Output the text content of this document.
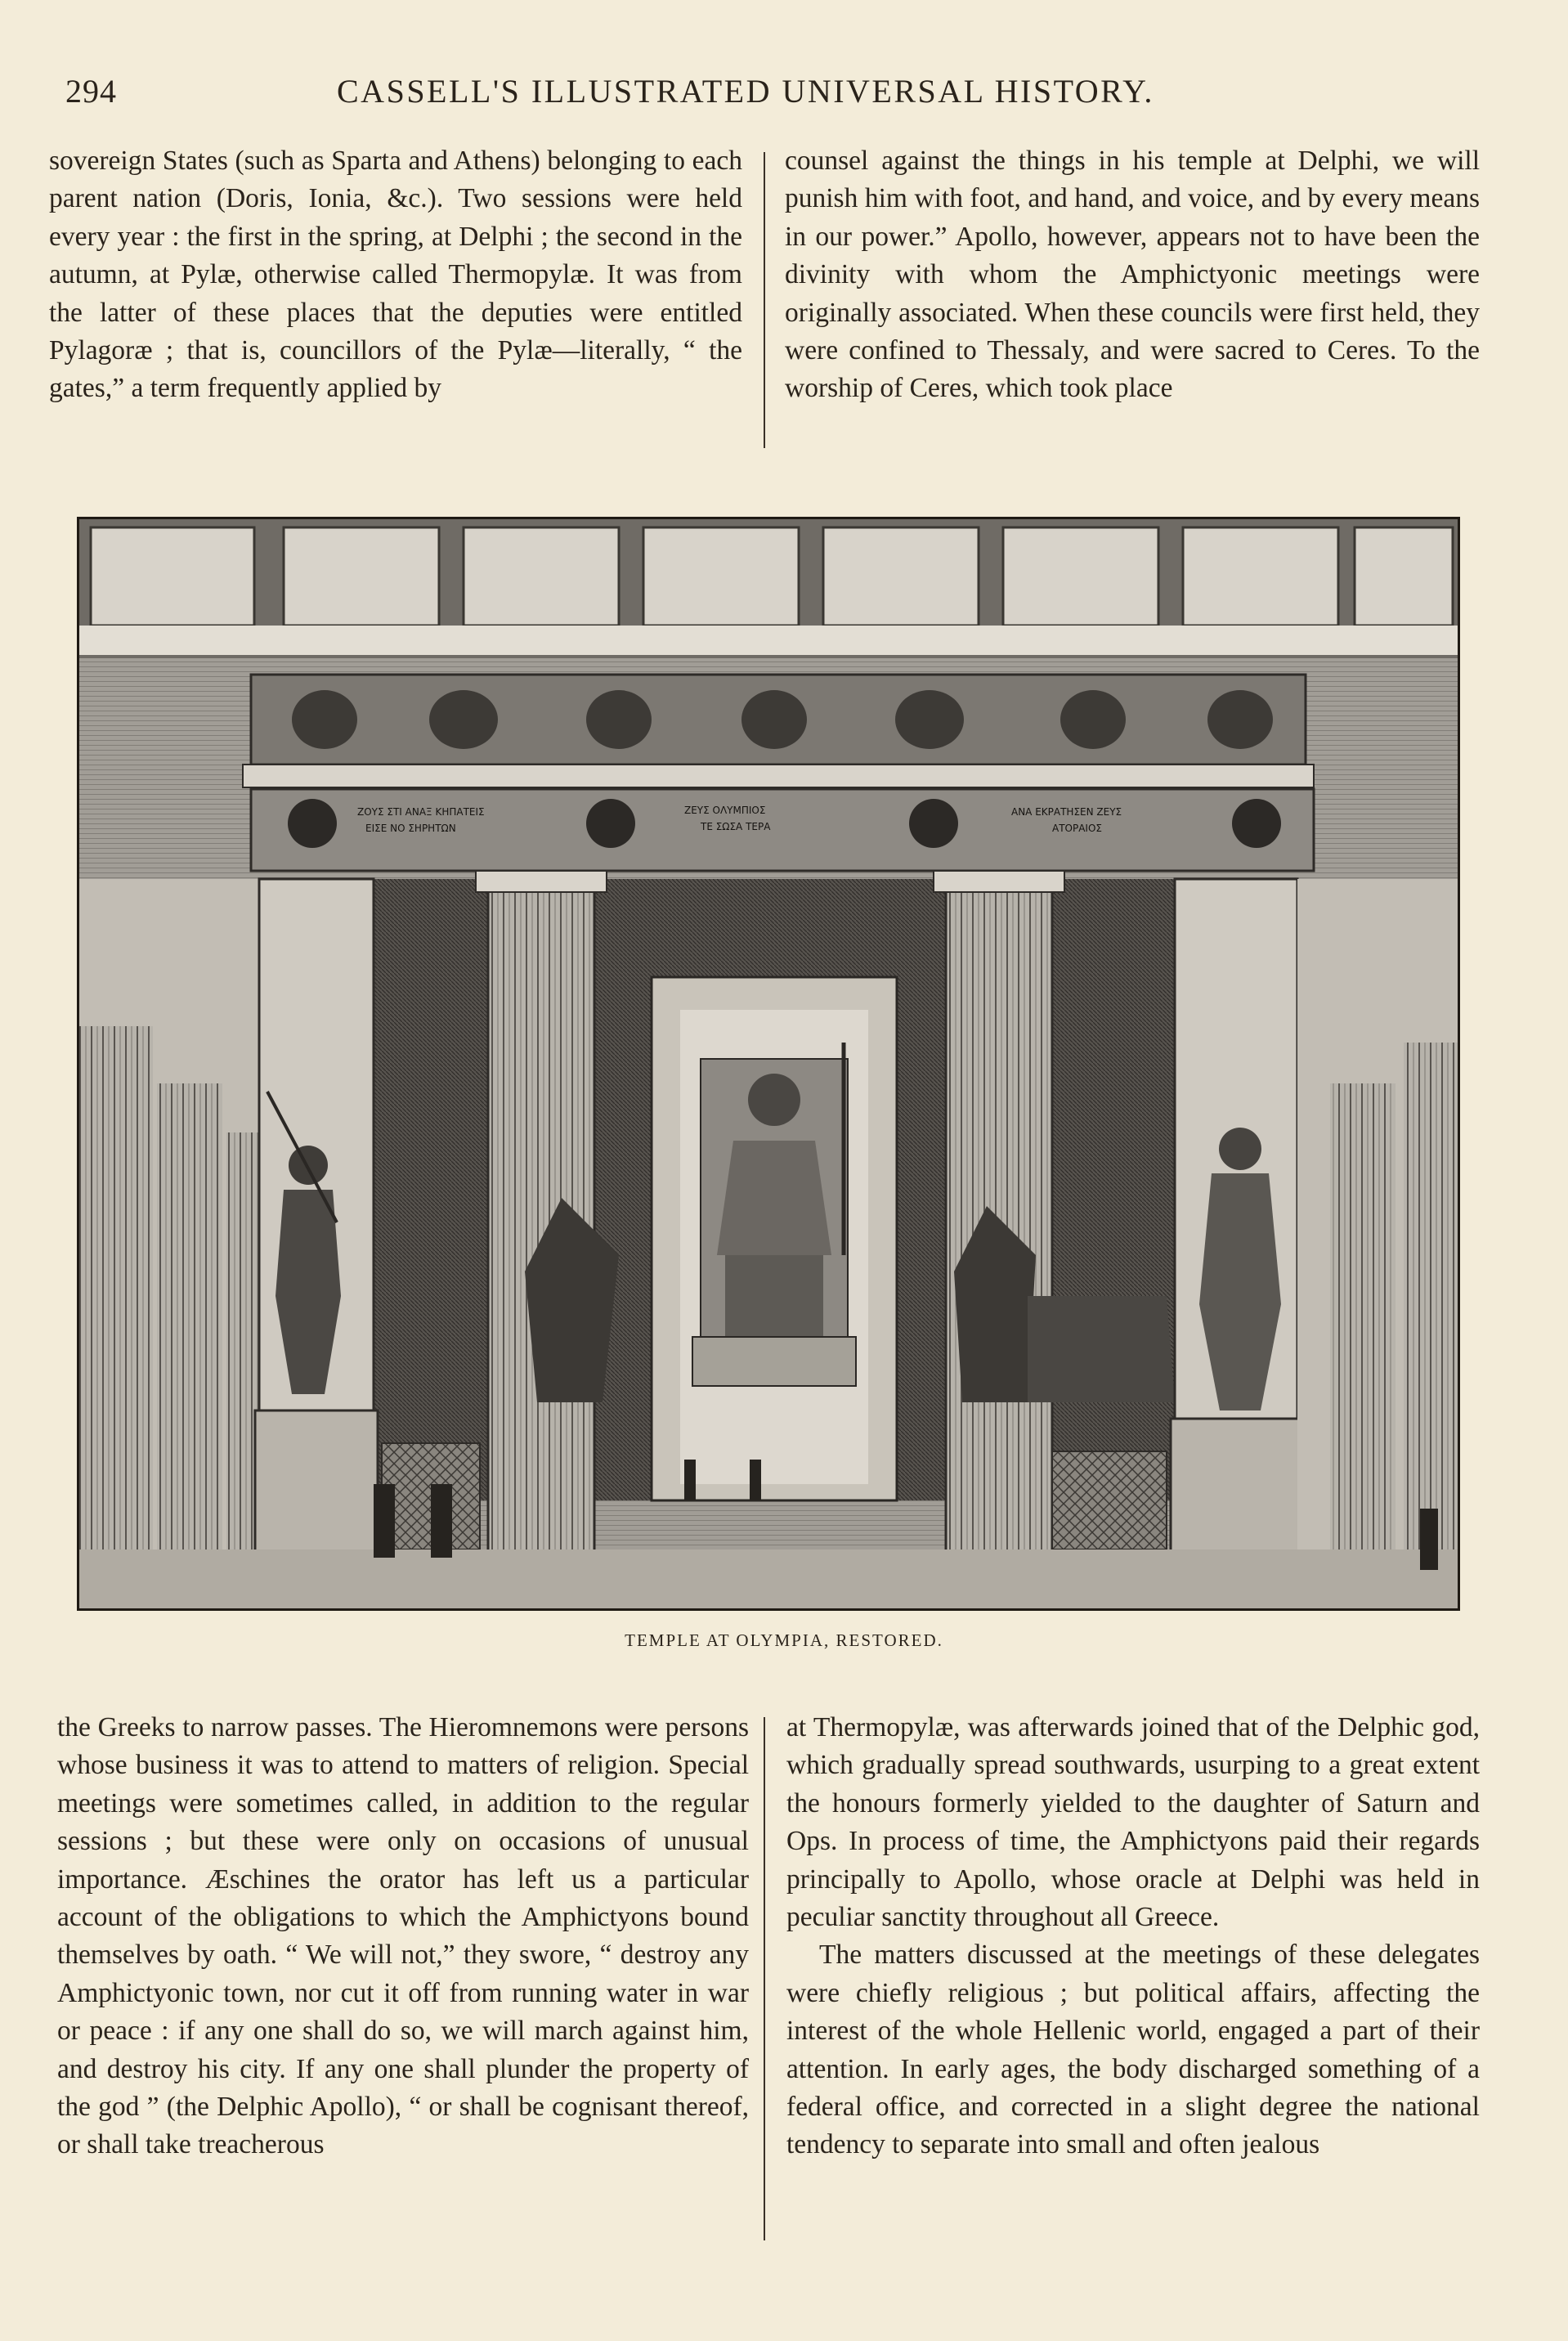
294	CASSELL'S ILLUSTRATED UNIVERSAL HISTORY.

sovereign States (such as Sparta and Athens) belonging to each parent nation (Doris, Ionia, &c.). Two sessions were held every year : the first in the spring, at Delphi ; the second in the autumn, at Pylæ, otherwise called Thermopylæ. It was from the latter of these places that the deputies were entitled Pylagoræ ; that is, councillors of the Pylæ—literally, “ the gates,” a term frequently applied by

counsel against the things in his temple at Delphi, we will punish him with foot, and hand, and voice, and by every means in our power.” Apollo, however, appears not to have been the divinity with whom the Amphictyonic meetings were originally associated. When these councils were first held, they were confined to Thessaly, and were sacred to Ceres. To the worship of Ceres, which took place

ΖΟΥΣ ΣΤΙ ΑΝΑΞ ΚΗΠΑΤΕΙΣ
ΕΙΣΕ ΝΟ ΣΗΡΗΤΩΝ
ΖΕΥΣ ΟΛΥΜΠΙΟΣ
ΤΕ ΣΩΣΑ ΤΕΡΑ
ΑΝΑ ΕΚΡΑΤΗΣΕΝ ΖΕΥΣ
ΑΤΟΡΑΙΟΣ
TEMPLE AT OLYMPIA, RESTORED.

the Greeks to narrow passes. The Hieromnemons were persons whose business it was to attend to matters of religion. Special meetings were sometimes called, in addition to the regular sessions ; but these were only on occasions of unusual importance. Æschines the orator has left us a particular account of the obligations to which the Amphictyons bound themselves by oath. “ We will not,” they swore, “ destroy any Amphictyonic town, nor cut it off from running water in war or peace : if any one shall do so, we will march against him, and destroy his city. If any one shall plunder the property of the god ” (the Delphic Apollo), “ or shall be cognisant thereof, or shall take treacherous

at Thermopylæ, was afterwards joined that of the Delphic god, which gradually spread southwards, usurping to a great extent the honours formerly yielded to the daughter of Saturn and Ops. In process of time, the Amphictyons paid their regards principally to Apollo, whose oracle at Delphi was held in peculiar sanctity throughout all Greece.

The matters discussed at the meetings of these delegates were chiefly religious ; but political affairs, affecting the interest of the whole Hellenic world, engaged a part of their attention. In early ages, the body discharged something of a federal office, and corrected in a slight degree the national tendency to separate into small and often jealous
